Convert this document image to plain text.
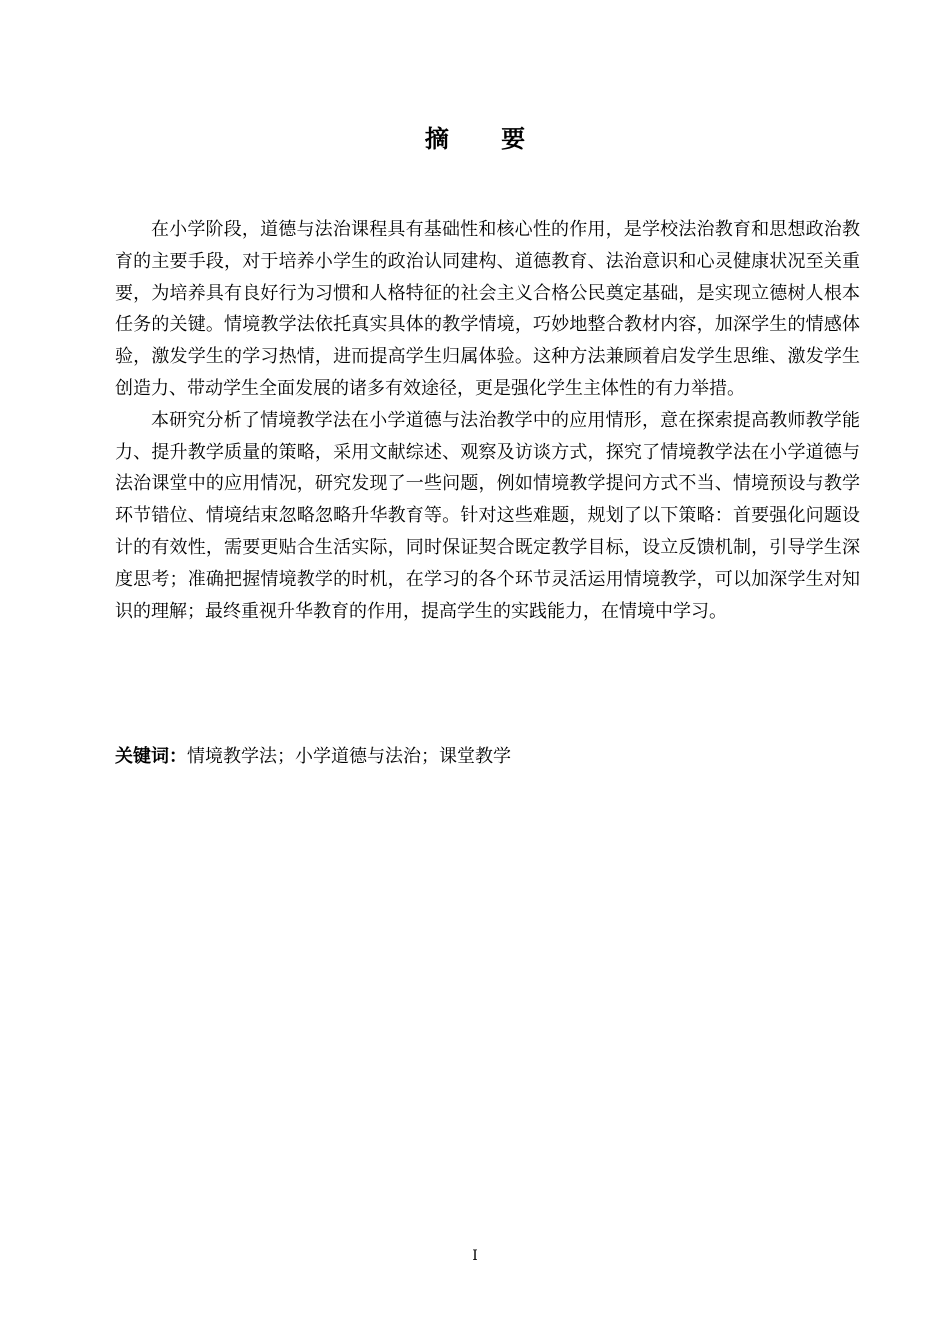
摘 要

在小学阶段，道德与法治课程具有基础性和核心性的作用，是学校法治教育和思想政治教育的主要手段，对于培养小学生的政治认同建构、道德教育、法治意识和心灵健康状况至关重要，为培养具有良好行为习惯和人格特征的社会主义合格公民奠定基础，是实现立德树人根本任务的关键。情境教学法依托真实具体的教学情境，巧妙地整合教材内容，加深学生的情感体验，激发学生的学习热情，进而提高学生归属体验。这种方法兼顾着启发学生思维、激发学生创造力、带动学生全面发展的诸多有效途径，更是强化学生主体性的有力举措。

本研究分析了情境教学法在小学道德与法治教学中的应用情形，意在探索提高教师教学能力、提升教学质量的策略，采用文献综述、观察及访谈方式，探究了情境教学法在小学道德与法治课堂中的应用情况，研究发现了一些问题，例如情境教学提问方式不当、情境预设与教学环节错位、情境结束忽略忽略升华教育等。针对这些难题，规划了以下策略：首要强化问题设计的有效性，需要更贴合生活实际，同时保证契合既定教学目标，设立反馈机制，引导学生深度思考；准确把握情境教学的时机，在学习的各个环节灵活运用情境教学，可以加深学生对知识的理解；最终重视升华教育的作用，提高学生的实践能力，在情境中学习。

关键词：情境教学法；小学道德与法治；课堂教学
I
